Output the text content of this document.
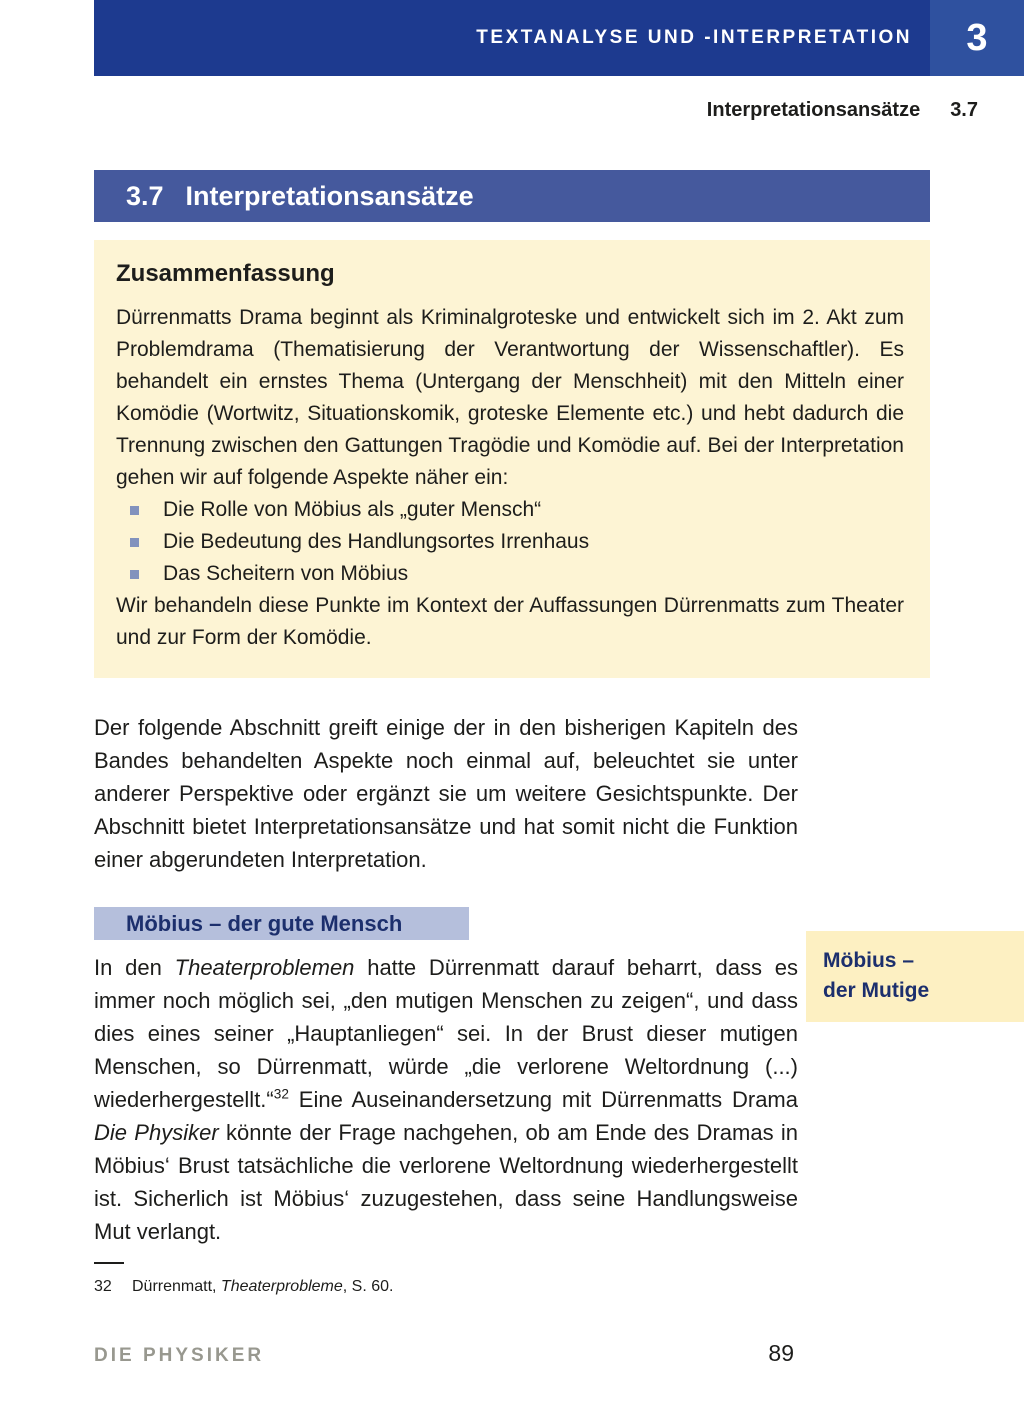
TEXTANALYSE UND -INTERPRETATION	3
Interpretationsansätze 3.7
3.7 Interpretationsansätze
Zusammenfassung

Dürrenmatts Drama beginnt als Kriminalgroteske und entwickelt sich im 2. Akt zum Problemdrama (Thematisierung der Verantwortung der Wissenschaftler). Es behandelt ein ernstes Thema (Untergang der Menschheit) mit den Mitteln einer Komödie (Wortwitz, Situationskomik, groteske Elemente etc.) und hebt dadurch die Trennung zwischen den Gattungen Tragödie und Komödie auf. Bei der Interpretation gehen wir auf folgende Aspekte näher ein:

Die Rolle von Möbius als „guter Mensch“
Die Bedeutung des Handlungsortes Irrenhaus
Das Scheitern von Möbius

Wir behandeln diese Punkte im Kontext der Auffassungen Dürrenmatts zum Theater und zur Form der Komödie.

Der folgende Abschnitt greift einige der in den bisherigen Kapiteln des Bandes behandelten Aspekte noch einmal auf, beleuchtet sie unter anderer Perspektive oder ergänzt sie um weitere Gesichtspunkte. Der Abschnitt bietet Interpretationsansätze und hat somit nicht die Funktion einer abgerundeten Interpretation.

Möbius – der gute Mensch

In den Theaterproblemen hatte Dürrenmatt darauf beharrt, dass es immer noch möglich sei, „den mutigen Menschen zu zeigen“, und dass dies eines seiner „Hauptanliegen“ sei. In der Brust dieser mutigen Menschen, so Dürrenmatt, würde „die verlorene Weltordnung (...) wiederhergestellt.“$^{32}$ Eine Auseinandersetzung mit Dürrenmatts Drama Die Physiker könnte der Frage nachgehen, ob am Ende des Dramas in Möbius‘ Brust tatsächliche die verlorene Weltordnung wiederhergestellt ist. Sicherlich ist Möbius‘ zuzugestehen, dass seine Handlungsweise Mut verlangt.

Möbius –
der Mutige
32	Dürrenmatt, Theaterprobleme, S. 60.
DIE PHYSIKER	89
